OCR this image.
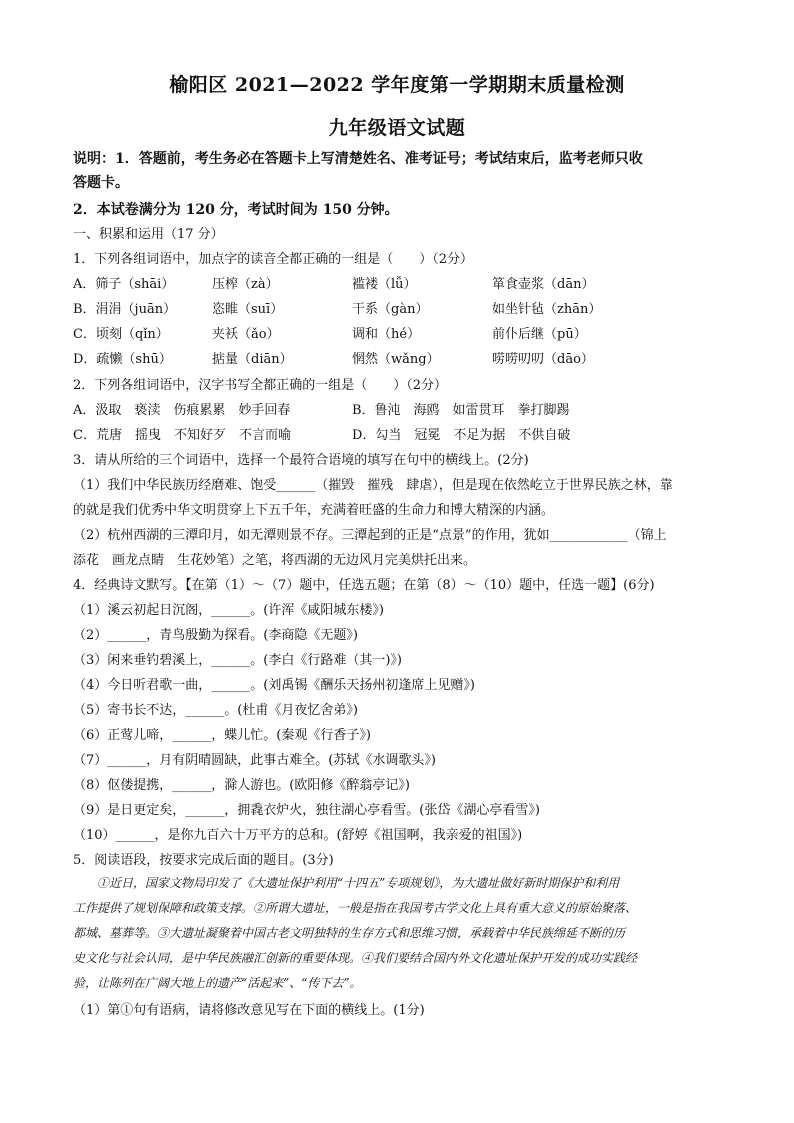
榆阳区 2021—2022 学年度第一学期期末质量检测
九年级语文试题
说明：1．答题前，考生务必在答题卡上写清楚姓名、准考证号；考试结束后，监考老师只收
答题卡。
2．本试卷满分为 120 分，考试时间为 150 分钟。
一、积累和运用（17 分）
1．下列各组词语中，加点字的读音全都正确的一组是（　　）（2分）
A．筛子（shāi）	压榨（zà）	褴褛（lǚ）	箪食壶浆（dān）
B．涓涓（juān）	恣睢（suī）	干系（gàn）	如坐针毡（zhān）
C．顷刻（qǐn）	夹袄（ǎo）	调和（hé）	前仆后继（pū）
D．疏懒（shū）	掂量（diān）	惘然（wǎng）	唠唠叨叨（dāo）
2．下列各组词语中，汉字书写全都正确的一组是（　　）（2分）
A．汲取　亵渎　伤痕累累　妙手回春	B．鲁沌　海鸥　如雷贯耳　拳打脚踢
C．荒唐　摇曳　不知好歹　不言而喻	D．勾当　冠冕　不足为据　不供自破
3．请从所给的三个词语中，选择一个最符合语境的填写在句中的横线上。(2分)
（1）我们中华民族历经磨难、饱受______（摧毁　摧残　肆虐），但是现在依然屹立于世界民族之林，靠
的就是我们优秀中华文明贯穿上下五千年，充满着旺盛的生命力和博大精深的内涵。
（2）杭州西湖的三潭印月，如无潭则景不存。三潭起到的正是“点景”的作用，犹如____________（锦上
添花　画龙点睛　生花妙笔）之笔，将西湖的无边风月完美烘托出来。
4．经典诗文默写。【在第（1）～（7）题中，任选五题；在第（8）～（10）题中，任选一题】(6分)
（1）溪云初起日沉阁，______。(许浑《咸阳城东楼》)
（2）______，青鸟殷勤为探看。(李商隐《无题》)
（3）闲来垂钓碧溪上，______。(李白《行路难（其一)》)
（4）今日听君歌一曲，______。(刘禹锡《酬乐天扬州初逢席上见赠》)
（5）寄书长不达，______。(杜甫《月夜忆舍弟》)
（6）正莺儿啼，______，蝶儿忙。(秦观《行香子》)
（7）______，月有阴晴圆缺，此事古难全。(苏轼《水调歌头》)
（8）伛偻提携，______，滁人游也。(欧阳修《醉翁亭记》)
（9）是日更定矣，______，拥毳衣炉火，独往湖心亭看雪。(张岱《湖心亭看雪》)
（10）______，是你九百六十万平方的总和。(舒婷《祖国啊，我亲爱的祖国》)
5．阅读语段，按要求完成后面的题目。(3分)
　　①近日，国家文物局印发了《大遗址保护利用“十四五”专项规划》，为大遗址做好新时期保护和利用
工作提供了规划保障和政策支撑。②所谓大遗址，一般是指在我国考古学文化上具有重大意义的原始聚落、
都城、墓葬等。③大遗址凝聚着中国古老文明独特的生存方式和思维习惯，承载着中华民族绵延不断的历
史文化与社会认同，是中华民族融汇创新的重要体现。④我们要结合国内外文化遗址保护开发的成功实践经
验，让陈列在广阔大地上的遗产“活起来”、“传下去”。
（1）第①句有语病，请将修改意见写在下面的横线上。(1分)
